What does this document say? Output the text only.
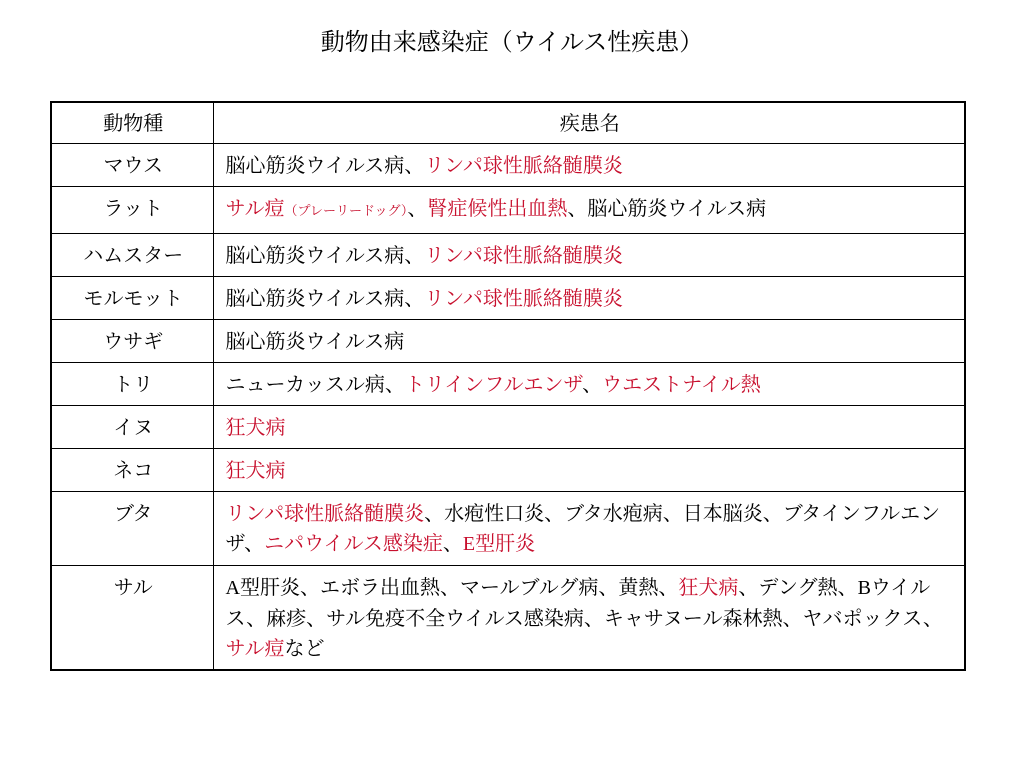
動物由来感染症（ウイルス性疾患）
動物種	疾患名
マウス	脳心筋炎ウイルス病、リンパ球性脈絡髄膜炎
ラット	サル痘（プレーリードッグ）、腎症候性出血熱、脳心筋炎ウイルス病
ハムスター	脳心筋炎ウイルス病、リンパ球性脈絡髄膜炎
モルモット	脳心筋炎ウイルス病、リンパ球性脈絡髄膜炎
ウサギ	脳心筋炎ウイルス病
トリ	ニューカッスル病、トリインフルエンザ、ウエストナイル熱
イヌ	狂犬病
ネコ	狂犬病
ブタ	リンパ球性脈絡髄膜炎、水疱性口炎、ブタ水疱病、日本脳炎、ブタインフルエンザ、ニパウイルス感染症、E型肝炎
サル	A型肝炎、エボラ出血熱、マールブルグ病、黄熱、狂犬病、デング熱、Bウイルス、麻疹、サル免疫不全ウイルス感染病、キャサヌール森林熱、ヤバポックス、サル痘など
